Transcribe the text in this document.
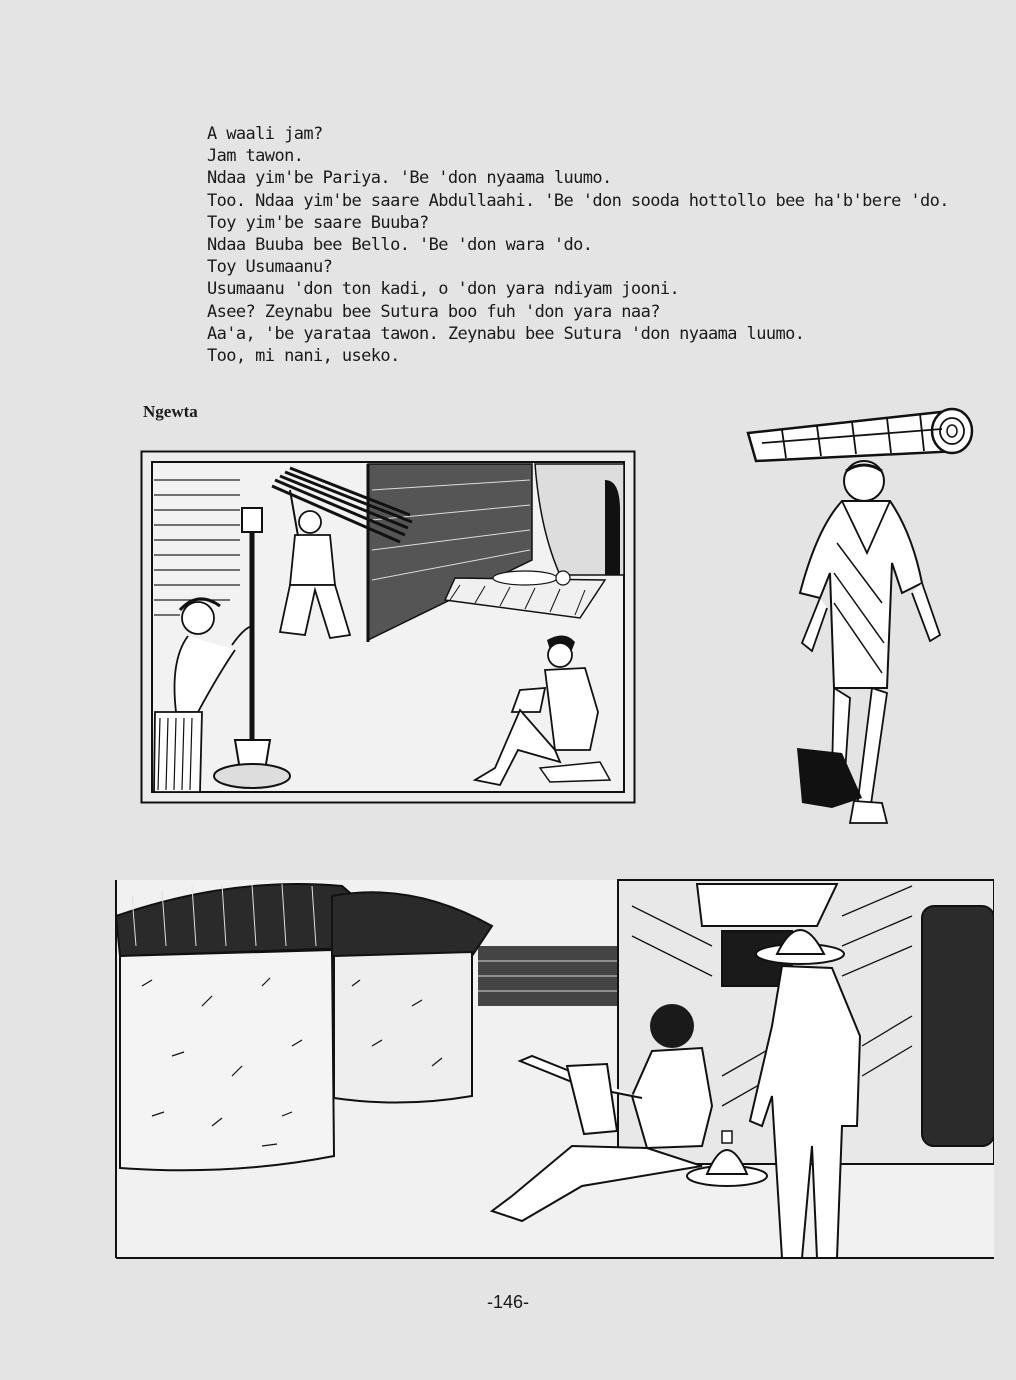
A waali jam?
Jam tawon.
Ndaa yim'be Pariya. 'Be 'don nyaama luumo.
Too. Ndaa yim'be saare Abdullaahi. 'Be 'don sooda hottollo bee ha'b'bere 'do.
Toy yim'be saare Buuba?
Ndaa Buuba bee Bello. 'Be 'don wara 'do.
Toy Usumaanu?
Usumaanu 'don ton kadi, o 'don yara ndiyam jooni.
Asee? Zeynabu bee Sutura boo fuh 'don yara naa?
Aa'a, 'be yarataa tawon. Zeynabu bee Sutura 'don nyaama luumo.
Too, mi nani, useko.
Ngewta
-146-
